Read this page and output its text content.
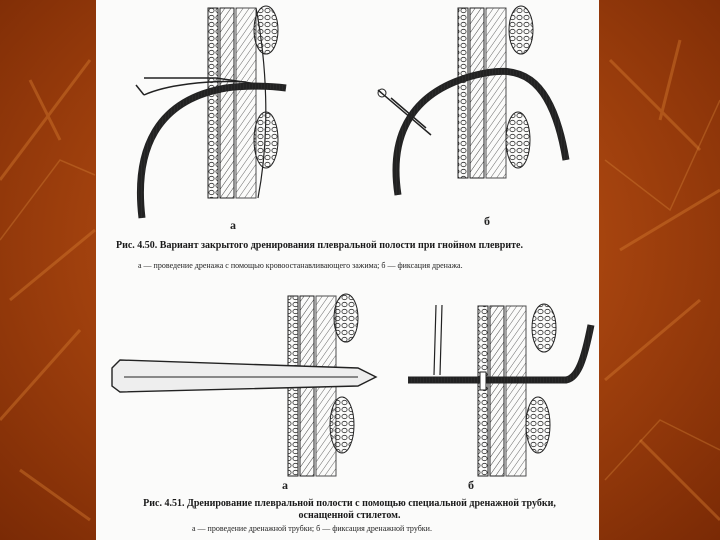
а	б
Рис. 4.50. Вариант закрытого дренирования плевральной полости при гнойном плеврите.
а — проведение дренажа с помощью кровоостанавливающего зажима; б — фиксация дренажа.
а	б
Рис. 4.51. Дренирование плевральной полости с помощью специальной дренажной трубки,
оснащенной стилетом.
а — проведение дренажной трубки; б — фиксация дренажной трубки.
